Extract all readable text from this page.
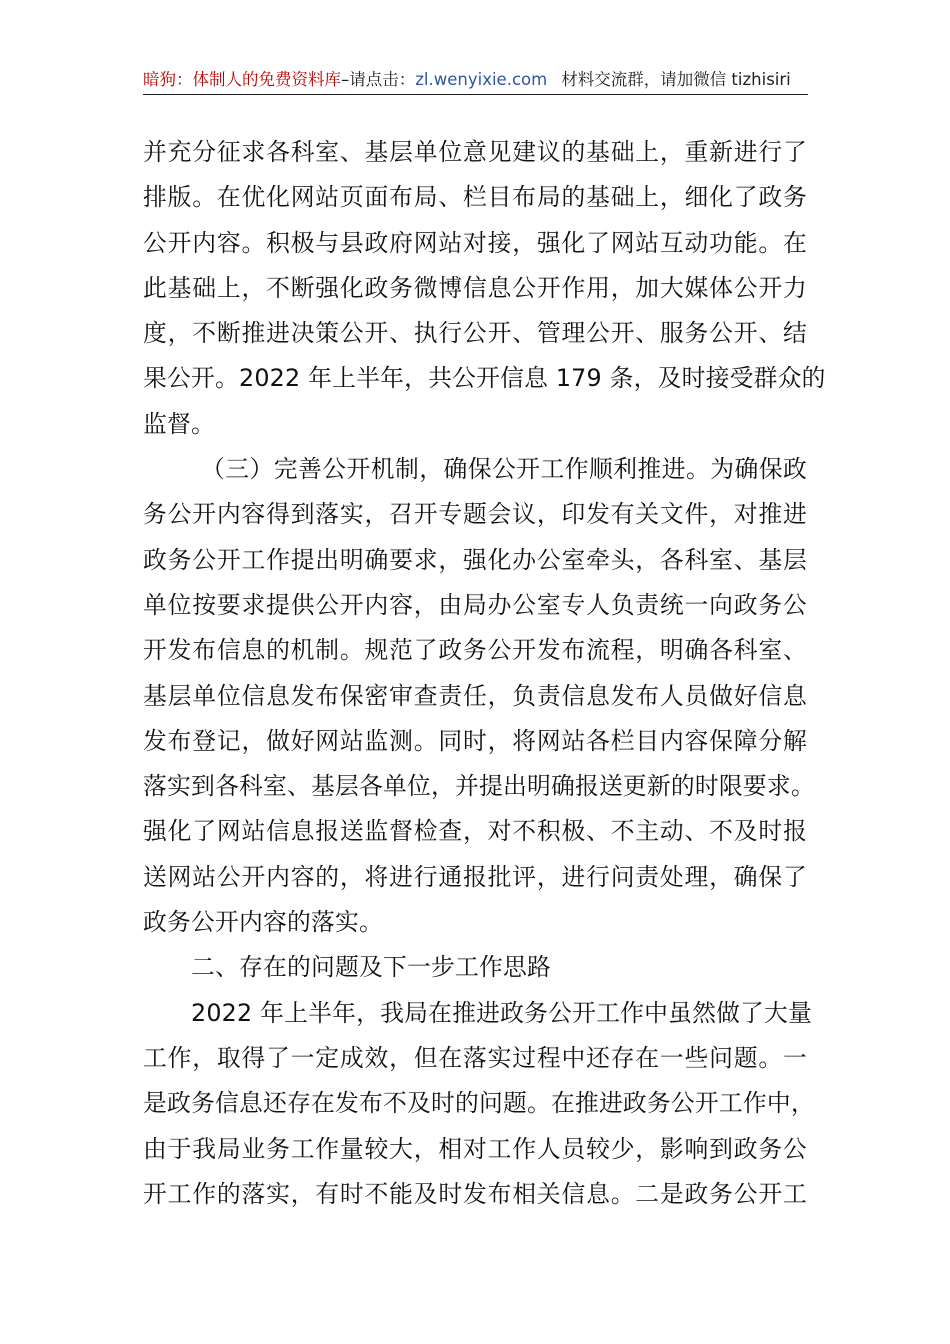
暗狗：体制人的免费资料库–请点击：zl.wenyixie.com 材料交流群，请加微信 tizhisiri
并充分征求各科室、基层单位意见建议的基础上，重新进行了
排版。在优化网站页面布局、栏目布局的基础上，细化了政务
公开内容。积极与县政府网站对接，强化了网站互动功能。在
此基础上，不断强化政务微博信息公开作用，加大媒体公开力
度，不断推进决策公开、执行公开、管理公开、服务公开、结
果公开。2022 年上半年，共公开信息 179 条，及时接受群众的
监督。
（三）完善公开机制，确保公开工作顺利推进。为确保政
务公开内容得到落实，召开专题会议，印发有关文件，对推进
政务公开工作提出明确要求，强化办公室牵头，各科室、基层
单位按要求提供公开内容，由局办公室专人负责统一向政务公
开发布信息的机制。规范了政务公开发布流程，明确各科室、
基层单位信息发布保密审查责任，负责信息发布人员做好信息
发布登记，做好网站监测。同时，将网站各栏目内容保障分解
落实到各科室、基层各单位，并提出明确报送更新的时限要求。
强化了网站信息报送监督检查，对不积极、不主动、不及时报
送网站公开内容的，将进行通报批评，进行问责处理，确保了
政务公开内容的落实。
二、存在的问题及下一步工作思路
2022 年上半年，我局在推进政务公开工作中虽然做了大量
工作，取得了一定成效，但在落实过程中还存在一些问题。一
是政务信息还存在发布不及时的问题。在推进政务公开工作中，
由于我局业务工作量较大，相对工作人员较少，影响到政务公
开工作的落实，有时不能及时发布相关信息。二是政务公开工
